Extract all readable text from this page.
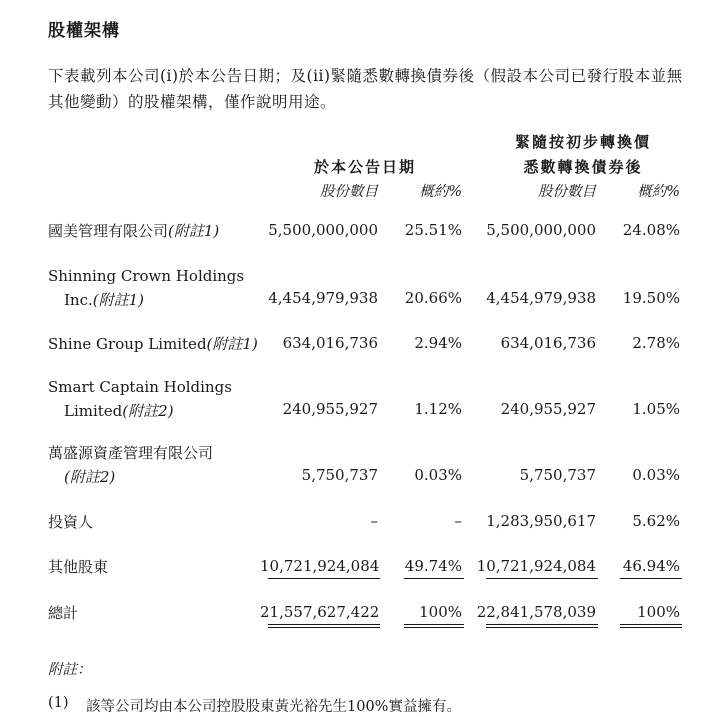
股權架構
下表載列本公司(i)於本公告日期；及(ii)緊隨悉數轉換債券後（假設本公司已發行股本並無其他變動）的股權架構，僅作說明用途。
於本公告日期
緊隨按初步轉換價
悉數轉換債券後
股份數目	概約%	股份數目	概約%
國美管理有限公司(附註1)	5,500,000,000	25.51%	5,500,000,000	24.08%
Shinning Crown Holdings
Inc.(附註1)	4,454,979,938	20.66%	4,454,979,938	19.50%
Shine Group Limited(附註1)	634,016,736	2.94%	634,016,736	2.78%
Smart Captain Holdings
Limited(附註2)	240,955,927	1.12%	240,955,927	1.05%
萬盛源資產管理有限公司
(附註2)	5,750,737	0.03%	5,750,737	0.03%
投資人	–	–	1,283,950,617	5.62%
其他股東	10,721,924,084	49.74% 10,721,924,084	46.94%
總計	21,557,627,422	100% 22,841,578,039	100%
附註：
(1) 該等公司均由本公司控股股東黃光裕先生100%實益擁有。
